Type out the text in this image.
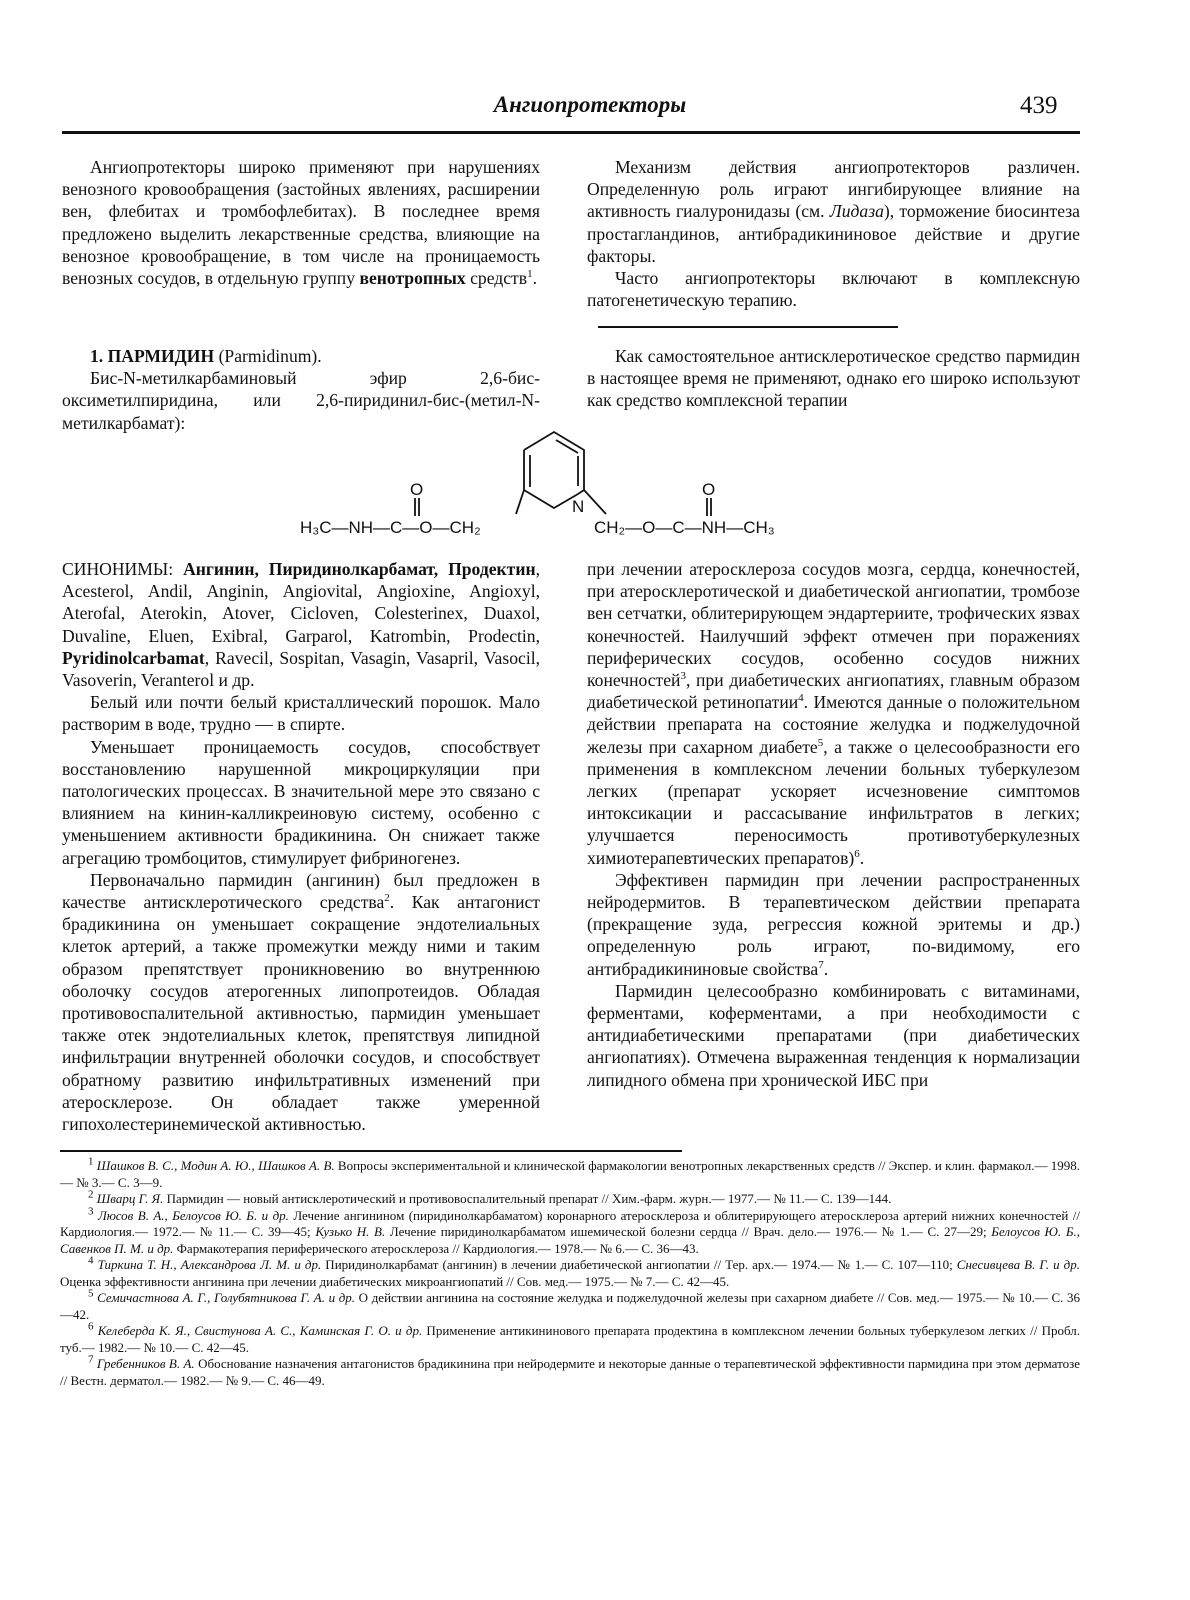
Ангиопротекторы	439

Ангиопротекторы широко применяют при нарушениях венозного кровообращения (застойных явлениях, расширении вен, флебитах и тромбофлебитах). В последнее время предложено выделить лекарственные средства, влияющие на венозное кровообращение, в том числе на проницаемость венозных сосудов, в отдельную группу венотропных средств$^1$.

Механизм действия ангиопротекторов различен. Определенную роль играют ингибирующее влияние на активность гиалуронидазы (см. Лидаза), торможение биосинтеза простагландинов, антибрадикининовое действие и другие факторы.

Часто ангиопротекторы включают в комплексную патогенетическую терапию.

1. ПАРМИДИН (Parmidinum).

Бис-N-метилкарбаминовый эфир 2,6-бис-оксиметилпиридина, или 2,6-пиридинил-бис-(метил-N-метилкарбамат):

Как самостоятельное антисклеротическое средство пармидин в настоящее время не применяют, однако его широко используют как средство комплексной терапии

O	O
N
H₃C—NH—C—O—CH₂	CH₂—O—C—NH—CH₃

СИНОНИМЫ: Ангинин, Пиридинолкарбамат, Продектин, Acesterol, Andil, Anginin, Angiovital, Angioxine, Angioxyl, Aterofal, Aterokin, Atover, Cicloven, Colesterinex, Duaxol, Duvaline, Eluen, Exibral, Garparol, Katrombin, Prodectin, Pyridinolcarbamat, Ravecil, Sospitan, Vasagin, Vasapril, Vasocil, Vasoverin, Veranterol и др.

Белый или почти белый кристаллический порошок. Мало растворим в воде, трудно — в спирте.

Уменьшает проницаемость сосудов, способствует восстановлению нарушенной микроциркуляции при патологических процессах. В значительной мере это связано с влиянием на кинин-калликреиновую систему, особенно с уменьшением активности брадикинина. Он снижает также агрегацию тромбоцитов, стимулирует фибриногенез.

Первоначально пармидин (ангинин) был предложен в качестве антисклеротического средства$^2$. Как антагонист брадикинина он уменьшает сокращение эндотелиальных клеток артерий, а также промежутки между ними и таким образом препятствует проникновению во внутреннюю оболочку сосудов атерогенных липопротеидов. Обладая противовоспалительной активностью, пармидин уменьшает также отек эндотелиальных клеток, препятствуя липидной инфильтрации внутренней оболочки сосудов, и способствует обратному развитию инфильтративных изменений при атеросклерозе. Он обладает также умеренной гипохолестеринемической активностью.

при лечении атеросклероза сосудов мозга, сердца, конечностей, при атеросклеротической и диабетической ангиопатии, тромбозе вен сетчатки, облитерирующем эндартериите, трофических язвах конечностей. Наилучший эффект отмечен при поражениях периферических сосудов, особенно сосудов нижних конечностей$^3$, при диабетических ангиопатиях, главным образом диабетической ретинопатии$^4$. Имеются данные о положительном действии препарата на состояние желудка и поджелудочной железы при сахарном диабете$^5$, а также о целесообразности его применения в комплексном лечении больных туберкулезом легких (препарат ускоряет исчезновение симптомов интоксикации и рассасывание инфильтратов в легких; улучшается переносимость противотуберкулезных химиотерапевтических препаратов)$^6$.

Эффективен пармидин при лечении распространенных нейродермитов. В терапевтическом действии препарата (прекращение зуда, регрессия кожной эритемы и др.) определенную роль играют, по-видимому, его антибрадикининовые свойства$^7$.

Пармидин целесообразно комбинировать с витаминами, ферментами, коферментами, а при необходимости с антидиабетическими препаратами (при диабетических ангиопатиях). Отмечена выраженная тенденция к нормализации липидного обмена при хронической ИБС при

$^1$ Шашков В. С., Модин А. Ю., Шашков А. В. Вопросы экспериментальной и клинической фармакологии венотропных лекарственных средств // Экспер. и клин. фармакол.— 1998.— № 3.— С. 3—9.

$^2$ Шварц Г. Я. Пармидин — новый антисклеротический и противовоспалительный препарат // Хим.-фарм. журн.— 1977.— № 11.— С. 139—144.

$^3$ Люсов В. А., Белоусов Ю. Б. и др. Лечение ангинином (пиридинолкарбаматом) коронарного атеросклероза и облитерирующего атеросклероза артерий нижних конечностей // Кардиология.— 1972.— № 11.— С. 39—45; Кузько Н. В. Лечение пиридинолкарбаматом ишемической болезни сердца // Врач. дело.— 1976.— № 1.— С. 27—29; Белоусов Ю. Б., Савенков П. М. и др. Фармакотерапия периферического атеросклероза // Кардиология.— 1978.— № 6.— С. 36—43.

$^4$ Тиркина Т. Н., Александрова Л. М. и др. Пиридинолкарбамат (ангинин) в лечении диабетической ангиопатии // Тер. арх.— 1974.— № 1.— С. 107—110; Снесивцева В. Г. и др. Оценка эффективности ангинина при лечении диабетических микроангиопатий // Сов. мед.— 1975.— № 7.— С. 42—45.

$^5$ Семичастнова А. Г., Голубятникова Г. А. и др. О действии ангинина на состояние желудка и поджелудочной железы при сахарном диабете // Сов. мед.— 1975.— № 10.— С. 36—42.

$^6$ Келеберда К. Я., Свистунова А. С., Каминская Г. О. и др. Применение антикининового препарата продектина в комплексном лечении больных туберкулезом легких // Пробл. туб.— 1982.— № 10.— С. 42—45.

$^7$ Гребенников В. А. Обоснование назначения антагонистов брадикинина при нейродермите и некоторые данные о терапевтической эффективности пармидина при этом дерматозе // Вестн. дерматол.— 1982.— № 9.— С. 46—49.
